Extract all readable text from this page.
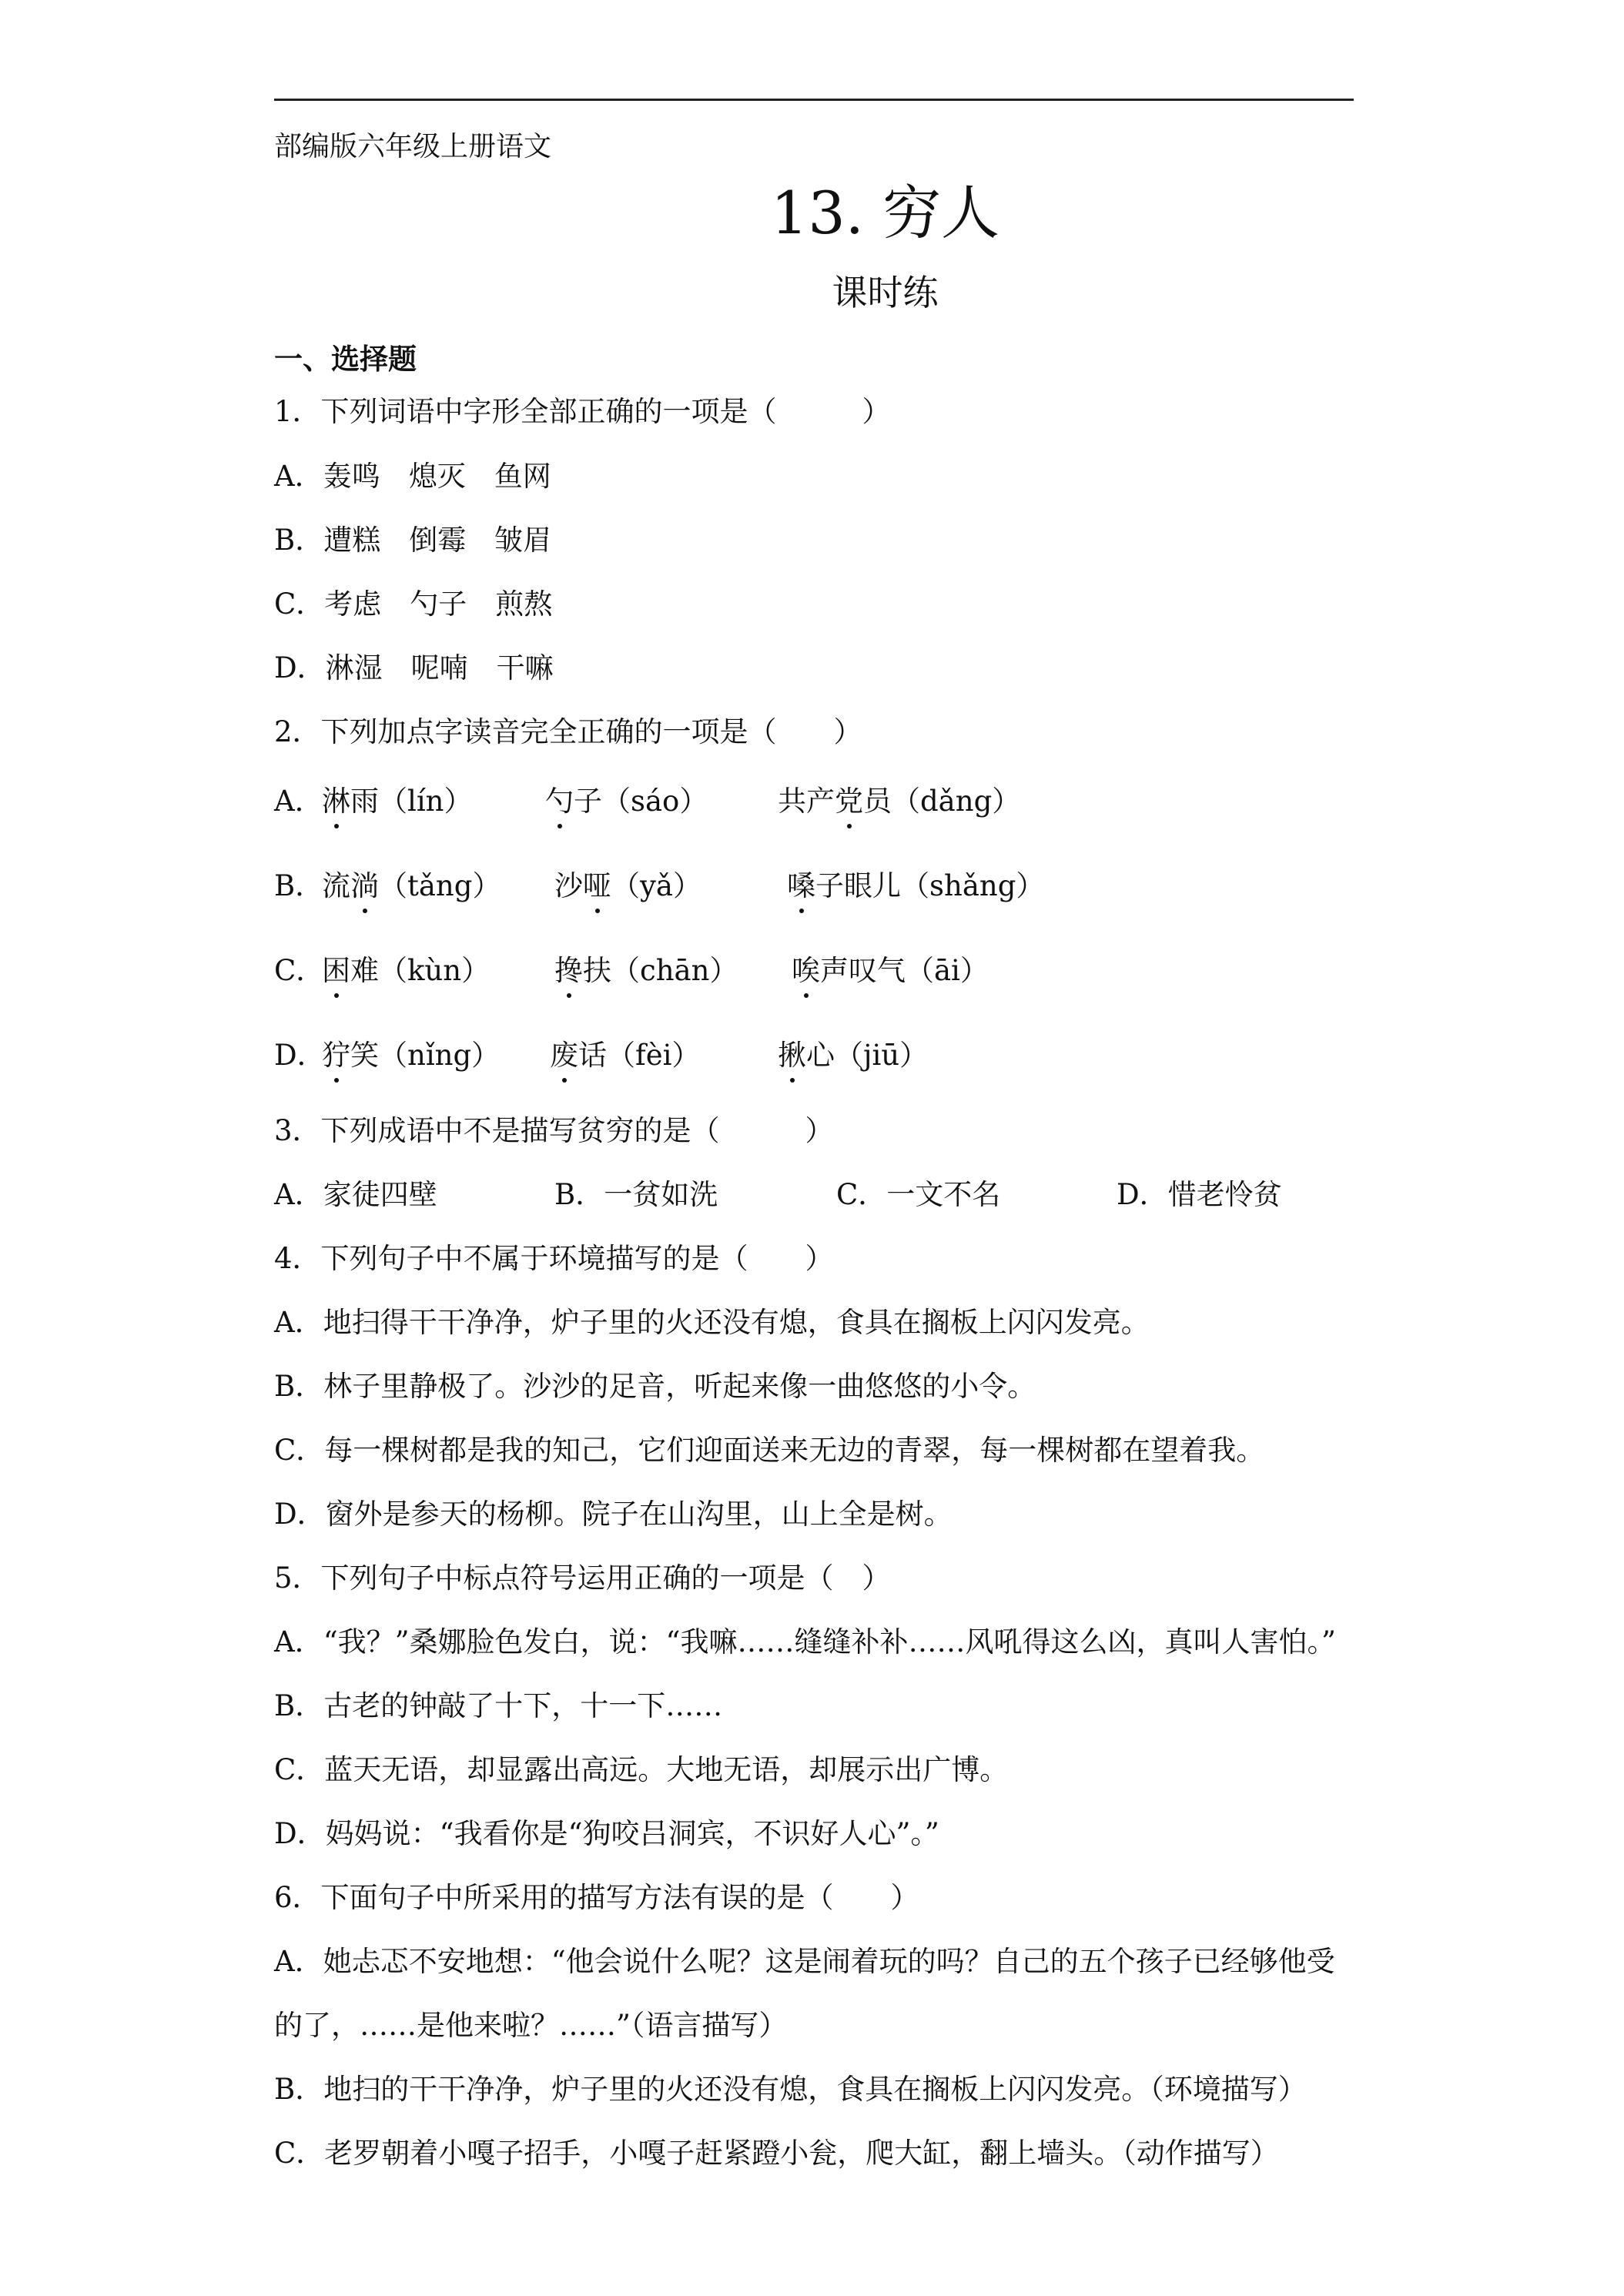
部编版六年级上册语文
13. 穷人
课时练
一、选择题
1．下列词语中字形全部正确的一项是（　　　）
A．轰鸣　熄灭　鱼网
B．遭糕　倒霉　皱眉
C．考虑　勺子　煎熬
D．淋湿　呢喃　干嘛
2．下列加点字读音完全正确的一项是（　　）
A．
淋雨（lín）	勺子（sáo） 共产党员（dǎng）
B．
流淌（tǎng） 沙哑（yǎ）	嗓子眼儿（shǎng）
C．
困难（kùn） 搀扶（chān） 唉声叹气（āi）
D．
狞笑（nǐng） 废话（fèi）	揪心（jiū）
3．下列成语中不是描写贫穷的是（　　　）
A．家徒四壁	B．一贫如洗	C．一文不名	D．惜老怜贫
4．下列句子中不属于环境描写的是（　　）
A．地扫得干干净净，炉子里的火还没有熄，食具在搁板上闪闪发亮。
B．林子里静极了。沙沙的足音，听起来像一曲悠悠的小令。
C．每一棵树都是我的知己，它们迎面送来无边的青翠，每一棵树都在望着我。
D．窗外是参天的杨柳。院子在山沟里，山上全是树。
5．下列句子中标点符号运用正确的一项是（　）
A．“我？”桑娜脸色发白，说：“我嘛……缝缝补补……风吼得这么凶，真叫人害怕。”
B．古老的钟敲了十下，十一下……
C．蓝天无语，却显露出高远。大地无语，却展示出广博。
D．妈妈说：“我看你是“狗咬吕洞宾，不识好人心”。”
6．下面句子中所采用的描写方法有误的是（　　）
A．她忐忑不安地想：“他会说什么呢？这是闹着玩的吗？自己的五个孩子已经够他受
的了，……是他来啦？……”（语言描写）
B．地扫的干干净净，炉子里的火还没有熄，食具在搁板上闪闪发亮。（环境描写）
C．老罗朝着小嘎子招手，小嘎子赶紧蹬小瓮，爬大缸，翻上墙头。（动作描写）
